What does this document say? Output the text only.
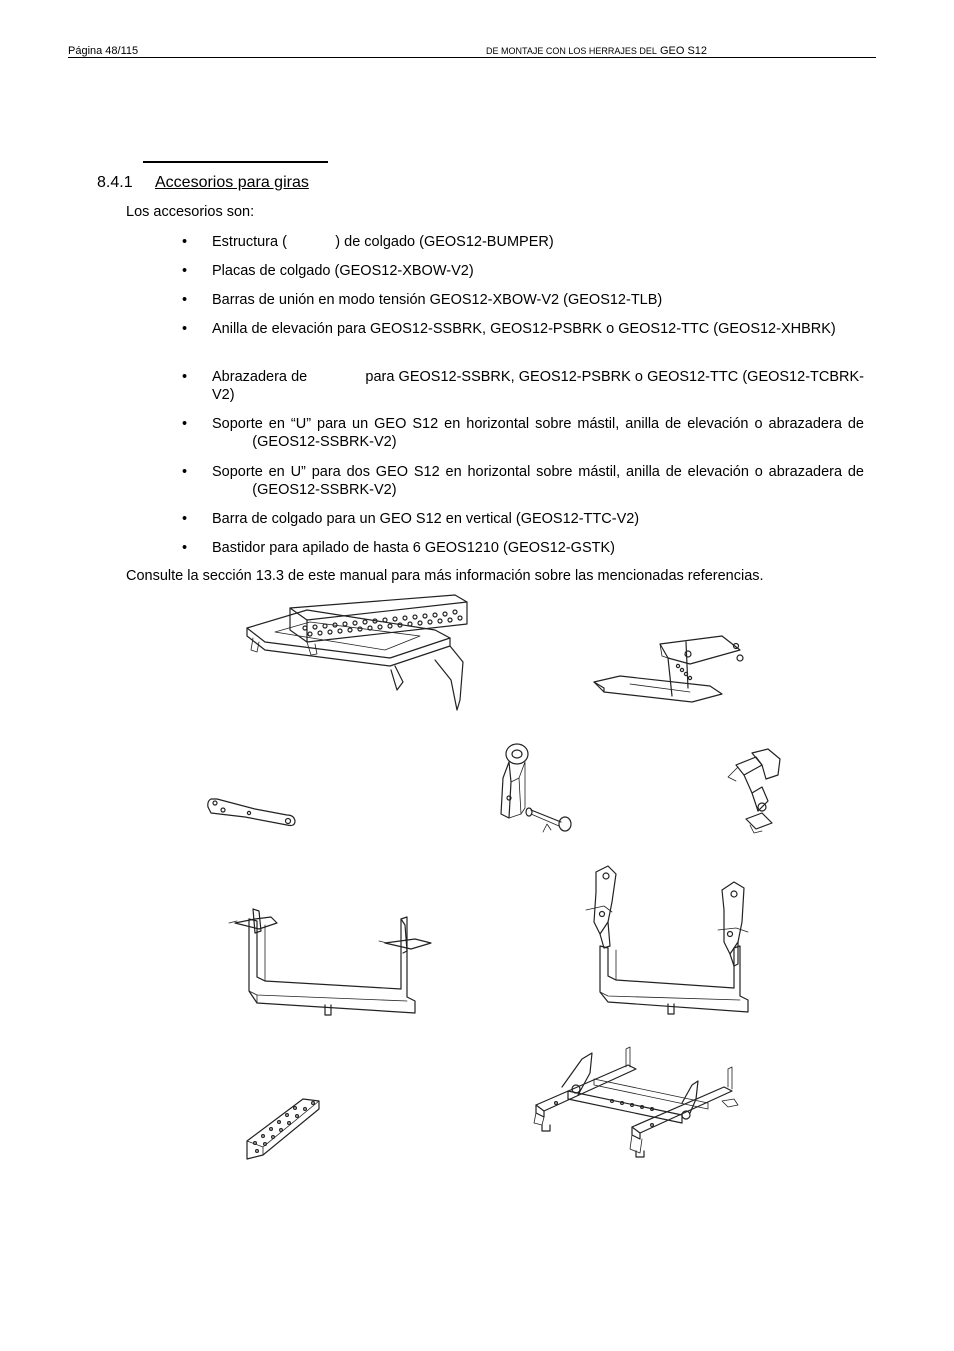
Página 48/115	DE MONTAJE CON LOS HERRAJES DEL GEO S12
8.4.1 Accesorios para giras
Los accesorios son:
• Estructura (            ) de colgado (GEOS12-BUMPER)
• Placas de colgado (GEOS12-XBOW-V2)
• Barras de unión en modo tensión GEOS12-XBOW-V2 (GEOS12-TLB)
• Anilla de elevación para GEOS12-SSBRK, GEOS12-PSBRK o GEOS12-TTC (GEOS12-XHBRK)
• Abrazadera de              para GEOS12-SSBRK, GEOS12-PSBRK o GEOS12-TTC (GEOS12-TCBRK-V2)
• Soporte en “U” para un GEO S12 en horizontal sobre mástil, anilla de elevación o abrazadera de           (GEOS12-SSBRK-V2)
• Soporte en U” para dos GEO S12 en horizontal sobre mástil, anilla de elevación o abrazadera de           (GEOS12-SSBRK-V2)
• Barra de colgado para un GEO S12 en vertical (GEOS12-TTC-V2)
• Bastidor para apilado de hasta 6 GEOS1210 (GEOS12-GSTK)
Consulte la sección 13.3 de este manual para más información sobre las mencionadas referencias.
